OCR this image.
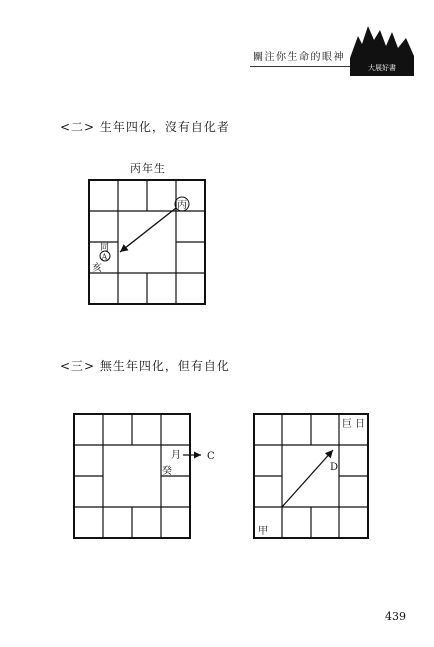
關注你生命的眼神
大展好書
<二> 生年四化，沒有自化者
丙年生
丙
同
A
亥
<三> 無生年四化，但有自化
月	C
癸
巨 日
D
甲
439
